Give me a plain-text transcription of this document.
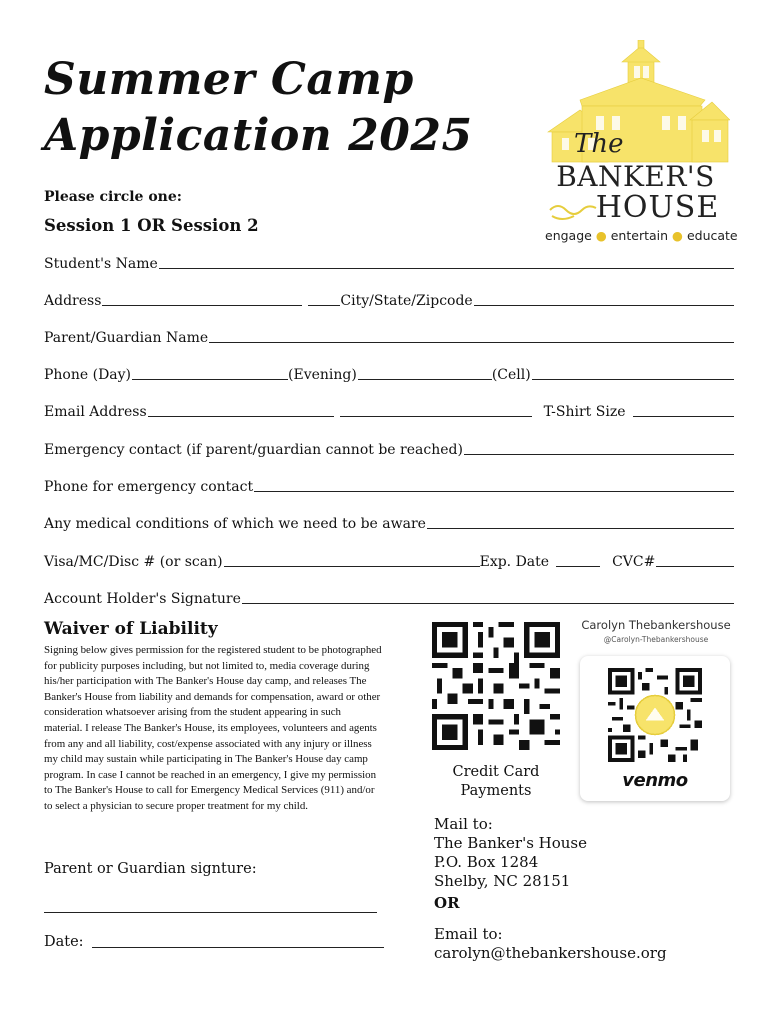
Summer Camp
Application 2025	The
BANKER'S
HOUSE
engage ● entertain ● educate
Please circle one:
Session 1 OR Session 2
Student's Name
Address	City/State/Zipcode
Parent/Guardian Name
Phone (Day)	(Evening)	(Cell)
Email Address	T-Shirt Size
Emergency contact (if parent/guardian cannot be reached)
Phone for emergency contact
Any medical conditions of which we need to be aware
Visa/MC/Disc # (or scan)	Exp. Date	CVC#
Account Holder's Signature
Waiver of Liability
Signing below gives permission for the registered student to be photographed for publicity purposes including, but not limited to, media coverage during his/her participation with The Banker's House day camp, and releases The Banker's House from liability and demands for compensation, award or other consideration whatsoever arising from the student appearing in such material. I release The Banker's House, its employees, volunteers and agents from any and all liability, cost/expense associated with any injury or illness my child may sustain while participating in The Banker's House day camp program. In case I cannot be reached in an emergency, I give my permission to The Banker's House to call for Emergency Medical Services (911) and/or to select a physician to secure proper treatment for my child.
Parent or Guardian signture:
Date:
Credit Card
Payments
Carolyn Thebankershouse
@Carolyn-Thebankershouse
venmo
Mail to:
The Banker's House
P.O. Box 1284
Shelby, NC 28151
OR
Email to:
carolyn@thebankershouse.org
